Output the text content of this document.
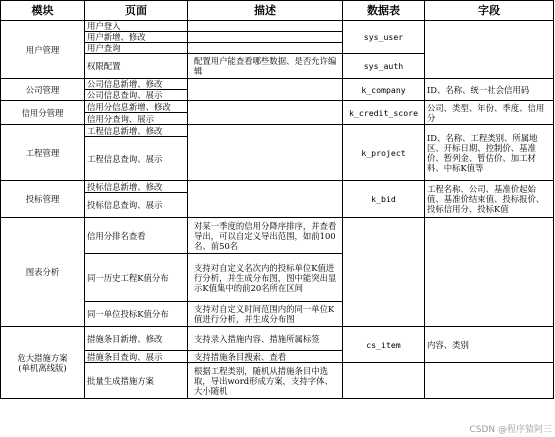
模块	页面	描述	数据表	字段
用户管理	用户登入		sys_user	
	用户新增、修改			
	用户查询			
	权限配置	配置用户能查看哪些数据、是否允许编辑	sys_auth	
公司管理	公司信息新增、修改		k_company	ID、名称、统一社会信用码
	公司信息查询、展示			
信用分管理	信用分信息新增、修改		k_credit_score	公司、类型、年份、季度、信用分
	信用分查询、展示			
工程管理	工程信息新增、修改		k_project	ID、名称、工程类别、所属地区、开标日期、控制价、基准价、暂列金、暂估价、加工材料、中标K值等
	工程信息查询、展示			
投标管理	投标信息新增、修改		k_bid	工程名称、公司、基准价起始值、基准价结束值、投标报价、投标信用分、投标K值
	投标信息查询、展示			
图表分析	信用分排名查看	对某一季度的信用分降序排序，并查看导出，可以自定义导出范围，如前100名、前50名		
	同一历史工程K值分布	支持对自定义名次内的投标单位K值进行分析，并生成分布图，图中能突出显示K值集中的前20名所在区间		
	同一单位投标K值分布	支持对自定义时间范围内的同一单位K值进行分析，并生成分布图		
危大措施方案
(单机离线版)	措施条目新增、修改	支持录入措施内容、措施所属标签	cs_item	内容、类别
	措施条目查询、展示	支持措施条目搜索、查看		
	批量生成措施方案	根据工程类别，随机从措施条目中选取，导出word形成方案，支持字体、大小随机		
CSDN @程序猿阿三
